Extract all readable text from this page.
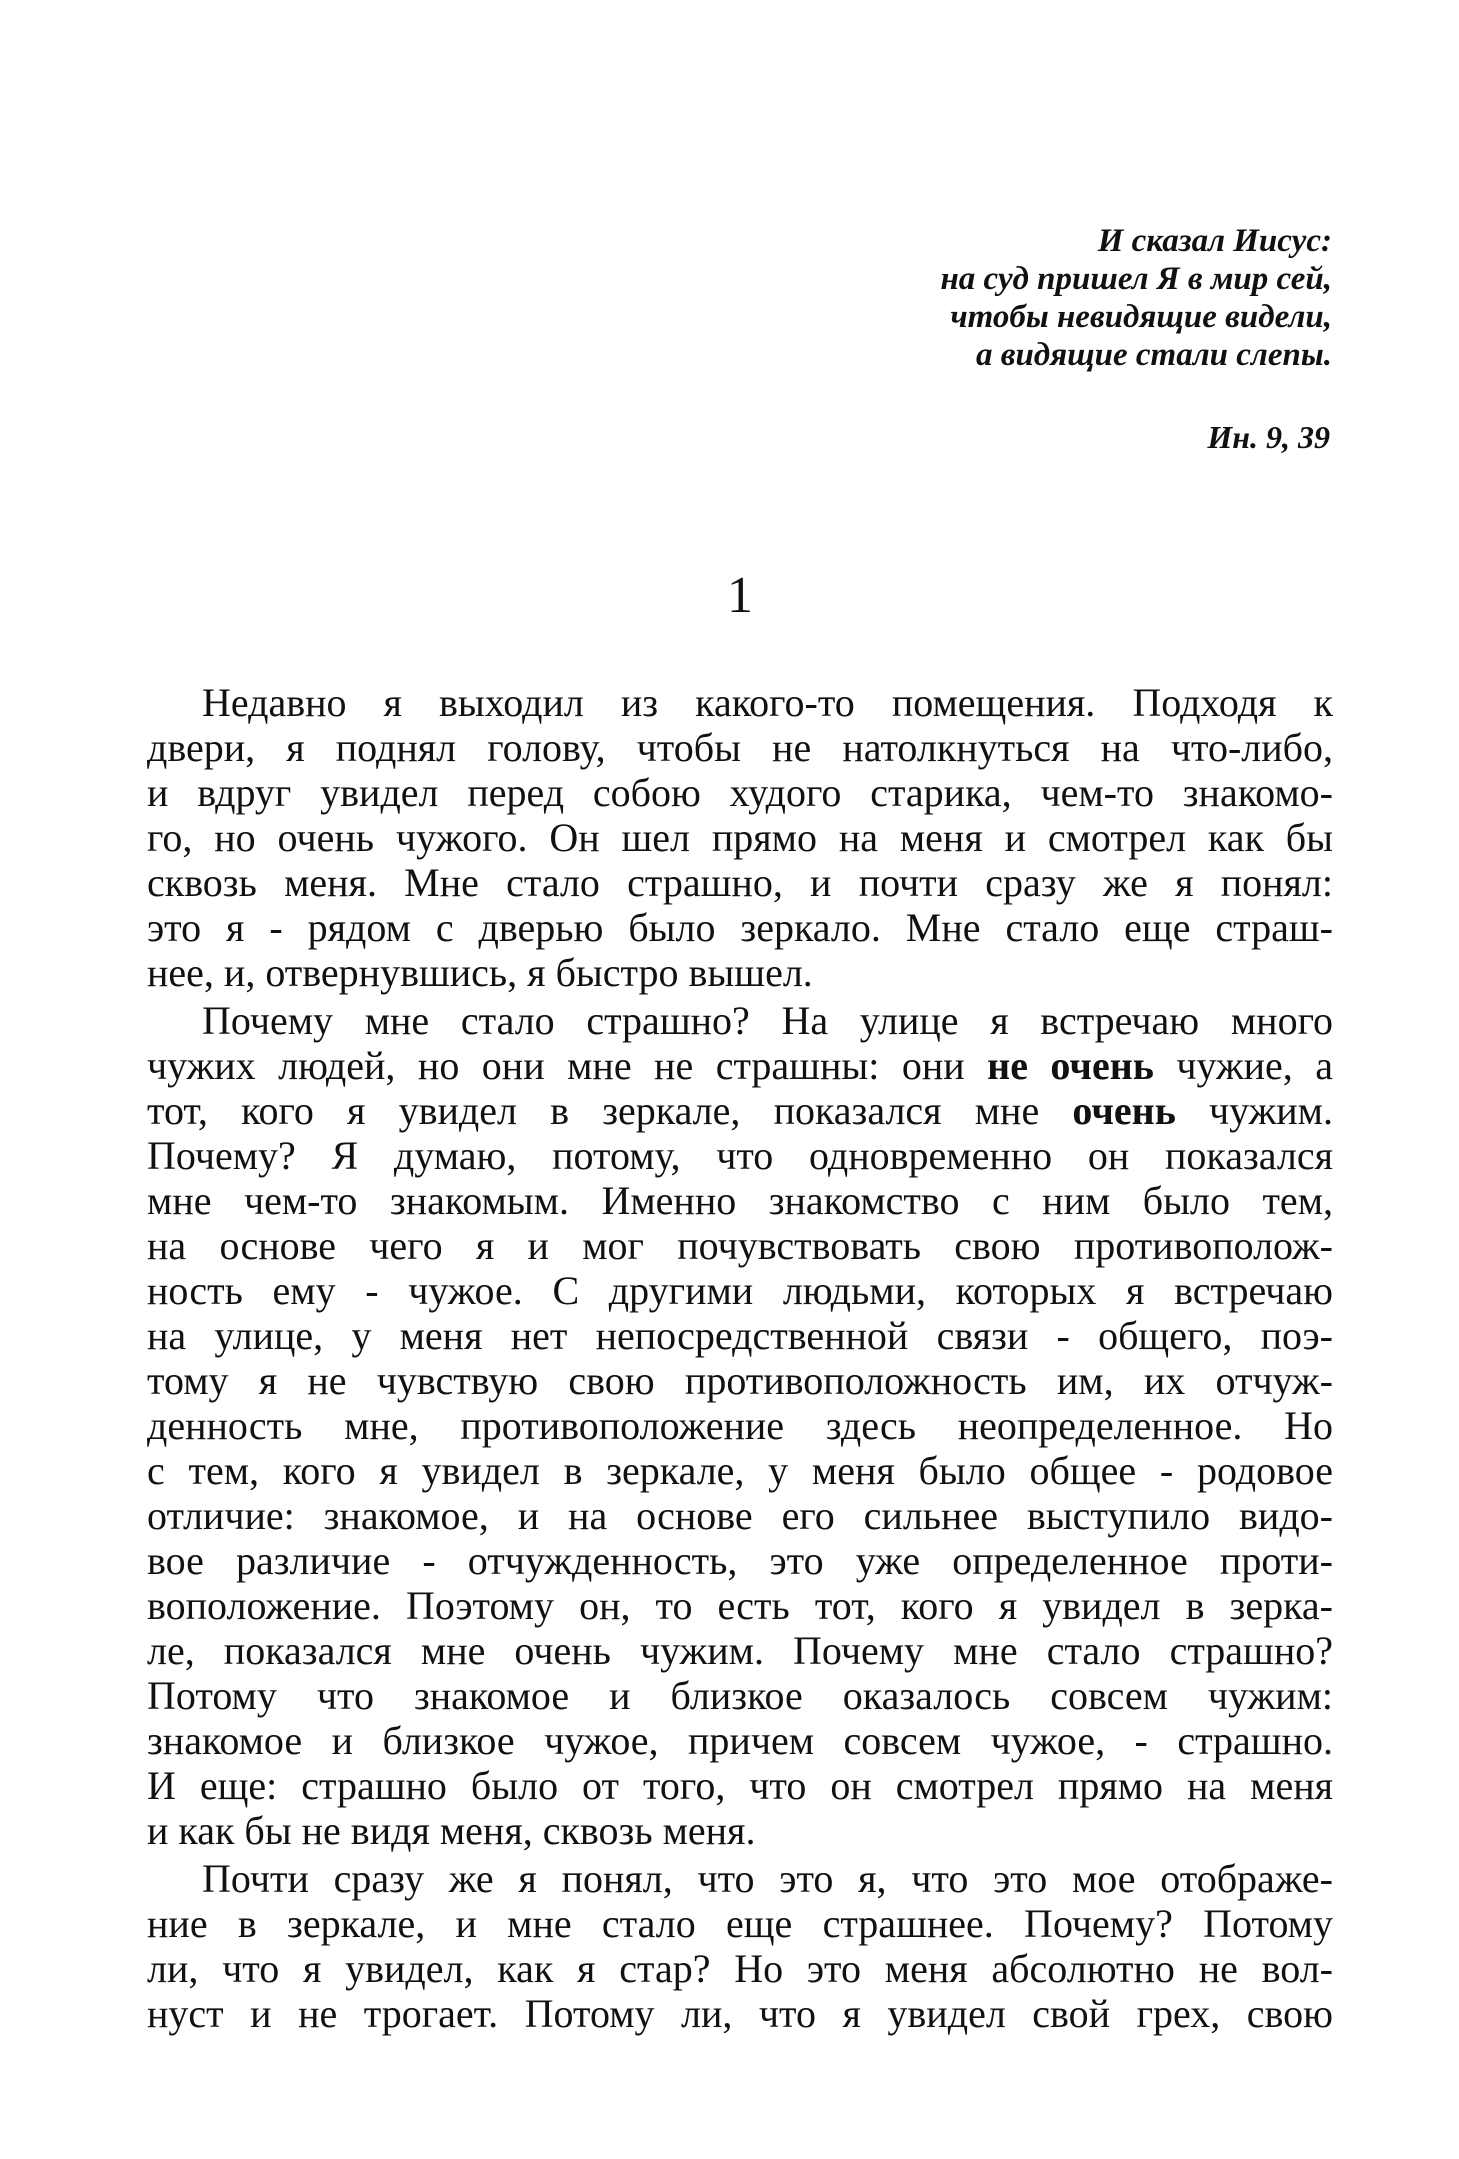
И сказал Иисус:
на суд пришел Я в мир сей,
чтобы невидящие видели,
а видящие стали слепы.
Ин. 9, 39
1
Недавно я выходил из какого-то помещения. Подходя к
двери, я поднял голову, чтобы не натолкнуться на что-либо,
и вдруг увидел перед собою худого старика, чем-то знакомо-
го, но очень чужого. Он шел прямо на меня и смотрел как бы
сквозь меня. Мне стало страшно, и почти сразу же я понял:
это я - рядом с дверью было зеркало. Мне стало еще страш-
нее, и, отвернувшись, я быстро вышел.
Почему мне стало страшно? На улице я встречаю много
чужих людей, но они мне не страшны: они не очень чужие, а
тот, кого я увидел в зеркале, показался мне очень чужим.
Почему? Я думаю, потому, что одновременно он показался
мне чем-то знакомым. Именно знакомство с ним было тем,
на основе чего я и мог почувствовать свою противополож-
ность ему - чужое. С другими людьми, которых я встречаю
на улице, у меня нет непосредственной связи - общего, поэ-
тому я не чувствую свою противоположность им, их отчуж-
денность мне, противоположение здесь неопределенное. Но
с тем, кого я увидел в зеркале, у меня было общее - родовое
отличие: знакомое, и на основе его сильнее выступило видо-
вое различие - отчужденность, это уже определенное проти-
воположение. Поэтому он, то есть тот, кого я увидел в зерка-
ле, показался мне очень чужим. Почему мне стало страшно?
Потому что знакомое и близкое оказалось совсем чужим:
знакомое и близкое чужое, причем совсем чужое, - страшно.
И еще: страшно было от того, что он смотрел прямо на меня
и как бы не видя меня, сквозь меня.
Почти сразу же я понял, что это я, что это мое отображе-
ние в зеркале, и мне стало еще страшнее. Почему? Потому
ли, что я увидел, как я стар? Но это меня абсолютно не вол-
нуст и не трогает. Потому ли, что я увидел свой грех, свою
